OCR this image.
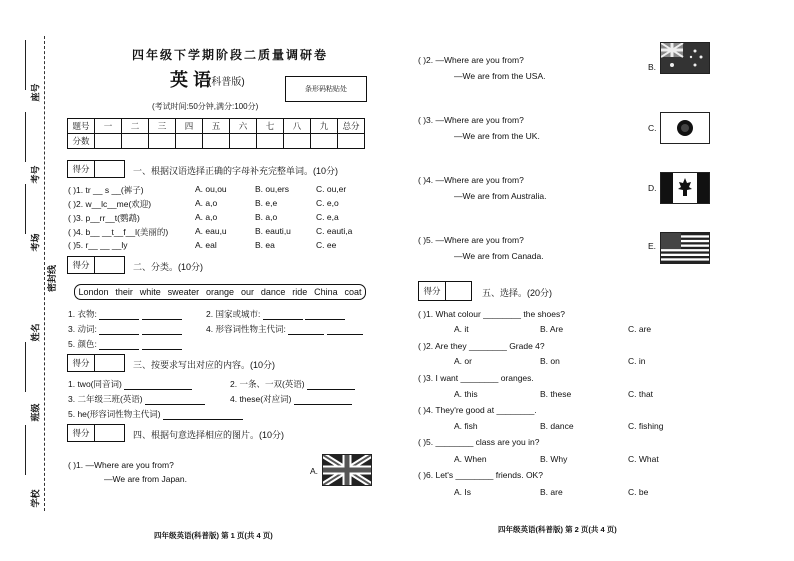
座号
考号
考场
密封线
姓名
班级
学校
四年级下学期阶段二质量调研卷
英 语
(科普版)
(考试时间:50分钟,满分:100分)
条形码粘贴处
题号	一	二	三	四	五	六	七	八	九	总分
分数										
得分	一、根据汉语选择正确的字母补充完整单词。(10分)
( )1. tr __ s __(裤子)	A. ou,ou	B. ou,ers	C. ou,er
( )2. w__lc__me(欢迎)	A. a,o	B. e,e	C. e,o
( )3. p__rr__t(鹦鹉)	A. a,o	B. a,o	C. e,a
( )4. b__ __t__f__l(美丽的)	A. eau,u	B. eauti,u	C. eauti,a
( )5. r__ __ __ly	A. eal	B. ea	C. ee
得分	二、分类。(10分)
London their white sweater orange our dance ride China coat
1. 衣物:	2. 国家或城市:
3. 动词:	4. 形容词性物主代词:
5. 颜色:
得分	三、按要求写出对应的内容。(10分)
1. two(同音词)	2. 一条、一双(英语)
3. 二年级三班(英语)	4. these(对应词)
5. he(形容词性物主代词)
得分	四、根据句意选择相应的图片。(10分)
( )1. —Where are you from?
—We are from Japan.
A.
四年级英语(科普版) 第 1 页(共 4 页)
( )2. —Where are you from?
—We are from the USA.
( )3. —Where are you from?
—We are from the UK.
( )4. —Where are you from?
—We are from Australia.
( )5. —Where are you from?
—We are from Canada.
B.
C.
D.
E.
得分	五、选择。(20分)
( )1. What colour ________ the shoes?
A. it	B. Are	C. are
( )2. Are they ________ Grade 4?
A. or	B. on	C. in
( )3. I want ________ oranges.
A. this	B. these	C. that
( )4. They're good at ________.
A. fish	B. dance	C. fishing
( )5. ________ class are you in?
A. When	B. Why	C. What
( )6. Let's ________ friends. OK?
A. Is	B. are	C. be
四年级英语(科普版) 第 2 页(共 4 页)
